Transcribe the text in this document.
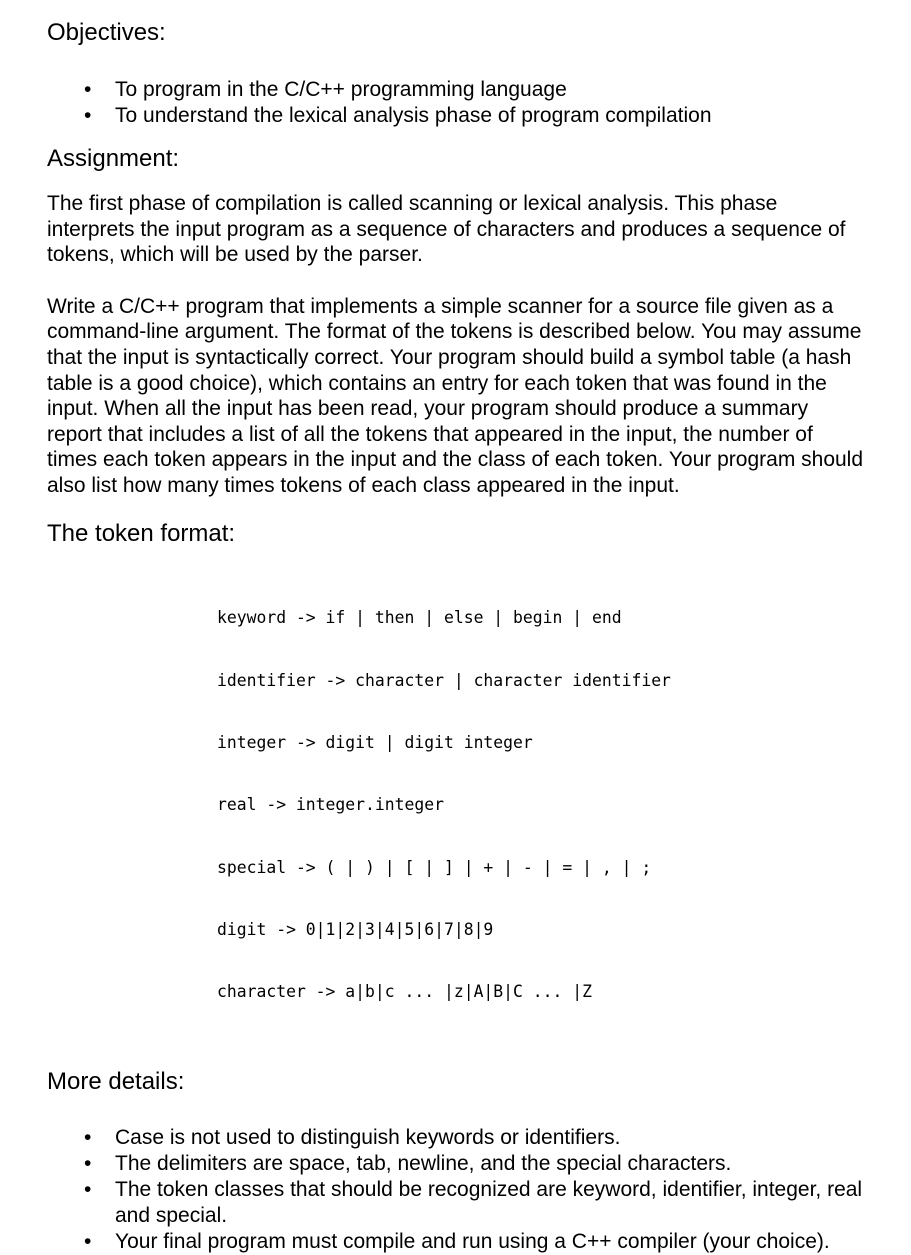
Objectives:
• To program in the C/C++ programming language
• To understand the lexical analysis phase of program compilation
Assignment:

The first phase of compilation is called scanning or lexical analysis. This phase interprets the input program as a sequence of characters and produces a sequence of tokens, which will be used by the parser.

Write a C/C++ program that implements a simple scanner for a source file given as a command-line argument. The format of the tokens is described below. You may assume that the input is syntactically correct. Your program should build a symbol table (a hash table is a good choice), which contains an entry for each token that was found in the input. When all the input has been read, your program should produce a summary report that includes a list of all the tokens that appeared in the input, the number of times each token appears in the input and the class of each token. Your program should also list how many times tokens of each class appeared in the input.

The token format:

keyword -> if | then | else | begin | end

identifier -> character | character identifier

integer -> digit | digit integer

real -> integer.integer

special -> ( | ) | [ | ] | + | - | = | , | ;

digit -> 0|1|2|3|4|5|6|7|8|9

character -> a|b|c ... |z|A|B|C ... |Z

More details:
• Case is not used to distinguish keywords or identifiers.
• The delimiters are space, tab, newline, and the special characters.
• The token classes that should be recognized are keyword, identifier, integer, real and special.
• Your final program must compile and run using a C++ compiler (your choice).
